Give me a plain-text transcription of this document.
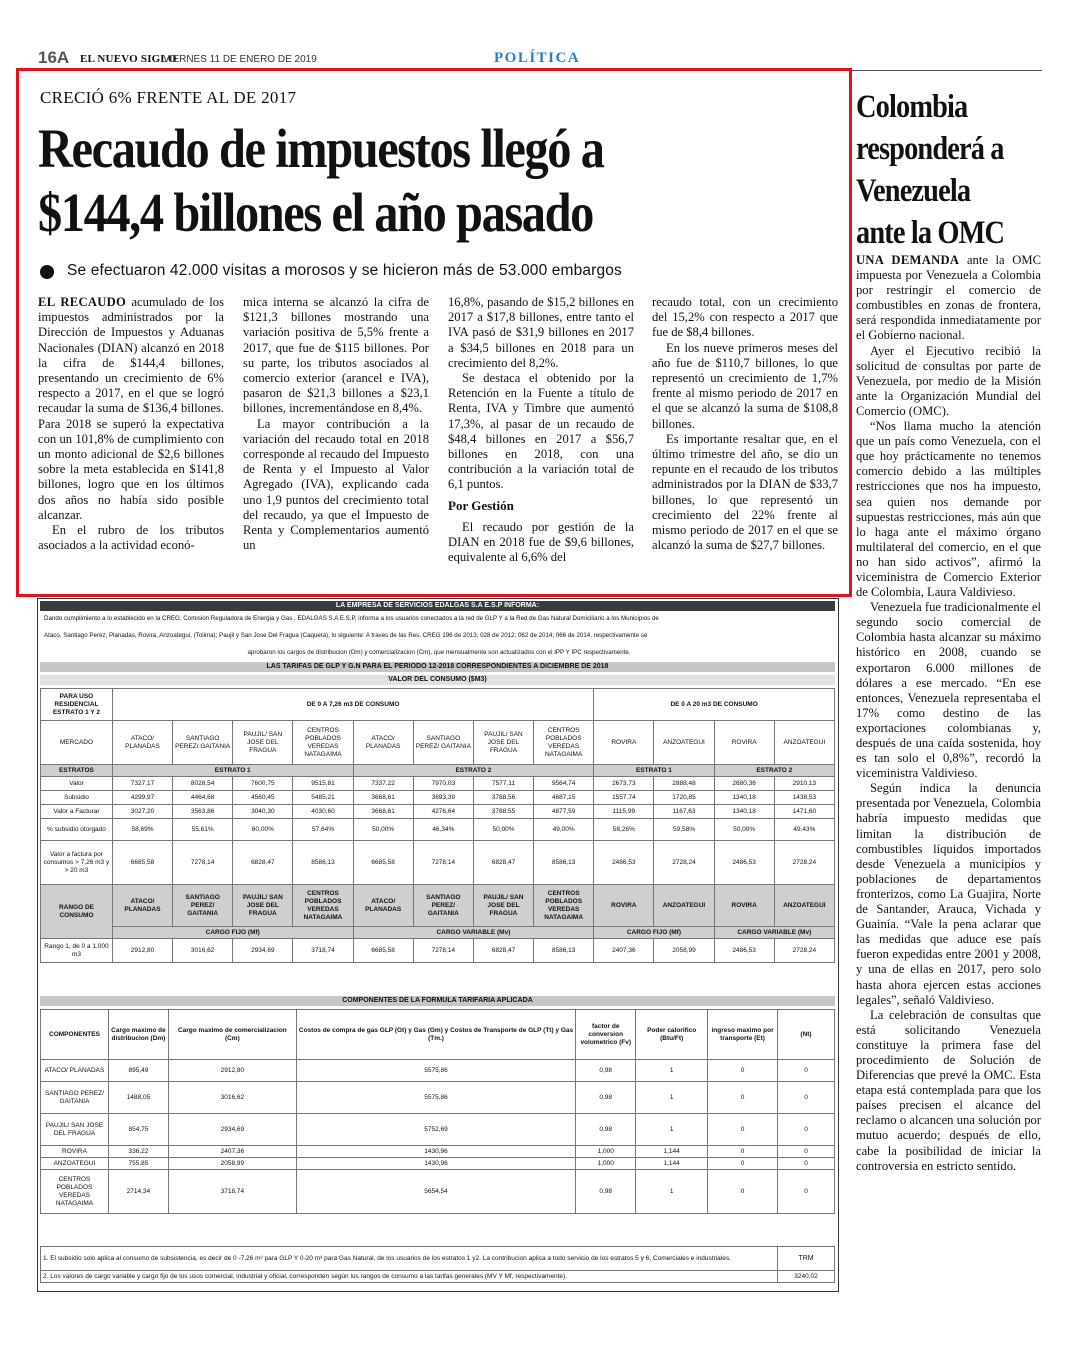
16A EL NUEVO SIGLO
VIERNES 11 DE ENERO DE 2019	POLÍTICA
CRECIÓ 6% FRENTE AL DE 2017
Recaudo de impuestos llegó a
$144,4 billones el año pasado
Se efectuaron 42.000 visitas a morosos y se hicieron más de 53.000 embargos

EL RECAUDO acumulado de los impuestos administrados por la Dirección de Impuestos y Aduanas Nacionales (DIAN) alcanzó en 2018 la cifra de $144,4 billones, presentando un crecimiento de 6% respecto a 2017, en el que se logró recaudar la suma de $136,4 billones. Para 2018 se superó la expectativa con un 101,8% de cumplimiento con un monto adicional de $2,6 billones sobre la meta establecida en $141,8 billones, logro que en los últimos dos años no había sido posible alcanzar.

En el rubro de los tributos asociados a la actividad econó-

mica interna se alcanzó la cifra de $121,3 billones mostrando una variación positiva de 5,5% frente a 2017, que fue de $115 billones. Por su parte, los tributos asociados al comercio exterior (arancel e IVA), pasaron de $21,3 billones a $23,1 billones, incrementándose en 8,4%.

La mayor contribución a la variación del recaudo total en 2018 corresponde al recaudo del Impuesto de Renta y el Impuesto al Valor Agregado (IVA), explicando cada uno 1,9 puntos del crecimiento total del recaudo, ya que el Impuesto de Renta y Complementarios aumentó un

16,8%, pasando de $15,2 billones en 2017 a $17,8 billones, entre tanto el IVA pasó de $31,9 billones en 2017 a $34,5 billones en 2018 para un crecimiento del 8,2%.

Se destaca el obtenido por la Retención en la Fuente a título de Renta, IVA y Timbre que aumentó 17,3%, al pasar de un recaudo de $48,4 billones en 2017 a $56,7 billones en 2018, con una contribución a la variación total de 6,1 puntos.

Por Gestión

El recaudo por gestión de la DIAN en 2018 fue de $9,6 billones, equivalente al 6,6% del

recaudo total, con un crecimiento del 15,2% con respecto a 2017 que fue de $8,4 billones.

En los nueve primeros meses del año fue de $110,7 billones, lo que representó un crecimiento de 1,7% frente al mismo periodo de 2017 en el que se alcanzó la suma de $108,8 billones.

Es importante resaltar que, en el último trimestre del año, se dio un repunte en el recaudo de los tributos administrados por la DIAN de $33,7 billones, lo que representó un crecimiento del 22% frente al mismo periodo de 2017 en el que se alcanzó la suma de $27,7 billones.

Colombia responderá a Venezuela ante la OMC

UNA DEMANDA ante la OMC impuesta por Venezuela a Colombia por restringir el comercio de combustibles en zonas de frontera, será respondida inmediatamente por el Gobierno nacional.

Ayer el Ejecutivo recibió la solicitud de consultas por parte de Venezuela, por medio de la Misión ante la Organización Mundial del Comercio (OMC).

“Nos llama mucho la atención que un país como Venezuela, con el que hoy prácticamente no tenemos comercio debido a las múltiples restricciones que nos ha impuesto, sea quien nos demande por supuestas restricciones, más aún que lo haga ante el máximo órgano multilateral del comercio, en el que no han sido activos”, afirmó la viceministra de Comercio Exterior de Colombia, Laura Valdivieso.

Venezuela fue tradicionalmente el segundo socio comercial de Colombia hasta alcanzar su máximo histórico en 2008, cuando se exportaron 6.000 millones de dólares a ese mercado. “En ese entonces, Venezuela representaba el 17% como destino de las exportaciones colombianas y, después de una caída sostenida, hoy es tan solo el 0,8%”, recordó la viceministra Valdivieso.

Según indica la denuncia presentada por Venezuela, Colombia habría impuesto medidas que limitan la distribución de combustibles líquidos importados desde Venezuela a municipios y poblaciones de departamentos fronterizos, como La Guajira, Norte de Santander, Arauca, Vichada y Guainía. “Vale la pena aclarar que las medidas que aduce ese país fueron expedidas entre 2001 y 2008, y una de ellas en 2017, pero solo hasta ahora ejercen estas acciones legales”, señaló Valdivieso.

La celebración de consultas que está solicitando Venezuela constituye la primera fase del procedimiento de Solución de Diferencias que prevé la OMC. Esta etapa está contemplada para que los países precisen el alcance del reclamo o alcancen una solución por mutuo acuerdo; después de ello, cabe la posibilidad de iniciar la controversia en estricto sentido.

LA EMPRESA DE SERVICIOS EDALGAS S.A E.S.P INFORMA:
Dando cumplimiento a lo establecido en la CREG, Comision Reguladora de Energia y Gas , EDALGAS S.A E.S.P, informa a los usuarios conectados a la red de GLP Y a la Red de Gas Natural Domiciliario a los Municipios de
Ataco, Santiago Perez, Planadas, Rovira, Anzoategui, (Tolima); Paujil y San Jose Del Fragua (Caqueta), lo siguiente: A traves de las Res. CREG 196 de 2013; 028 de 2012; 062 de 2014; 066 de 2014, respectivamente se
aprobaron los cargos de distribucion (Dm) y comercializacion (Cm), que mensualmente son actualizados con el IPP Y IPC respectivamente.
LAS TARIFAS DE GLP Y G.N PARA EL PERIODO 12-2018 CORRESPONDIENTES A DICIEMBRE DE 2018
VALOR DEL CONSUMO ($M3)
PARA USO RESIDENCIAL ESTRATO 1 Y 2	DE 0 A 7,26 m3 DE CONSUMO								DE 0 A 20 m3 DE CONSUMO			
MERCADO	ATACO/ PLANADAS	SANTIAGO PEREZ/ GAITANIA	PAUJIL/ SAN JOSE DEL FRAGUA	CENTROS POBLADOS VEREDAS NATAGAIMA	ATACO/ PLANADAS	SANTIAGO PEREZ/ GAITANIA	PAUJIL/ SAN JOSE DEL FRAGUA	CENTROS POBLADOS VEREDAS NATAGAIMA	ROVIRA	ANZOATEGUI	ROVIRA	ANZOATEGUI
ESTRATOS	ESTRATO 1				ESTRATO 2				ESTRATO 1		ESTRATO 2	
Valor	7327,17	8028,54	7600,75	9515,81	7337,22	7970,03	7577,11	9564,74	2673,73	2888,48	2680,36	2910,13
Subsidio	4299,97	4464,68	4560,45	5485,21	3668,61	3693,39	3788,56	4687,15	1557,74	1720,85	1340,18	1438,53
Valor a Facturar	3027,20	3563,86	3040,30	4030,60	3668,61	4276,64	3788,55	4877,59	1115,99	1167,63	1340,18	1471,60
% subsidio otorgado	58,69%	55,61%	60,00%	57,64%	50,00%	46,34%	50,00%	49,00%	58,26%	59,58%	50,00%	49,43%
Valor a factura por consumos > 7,26 m3 y > 20 m3	6685,58	7278,14	6828,47	8586,13	6685,58	7278,14	6828,47	8586,13	2486,53	2728,24	2486,53	2728,24
RANGO DE CONSUMO	ATACO/ PLANADAS	SANTIAGO PEREZ/ GAITANIA	PAUJIL/ SAN JOSE DEL FRAGUA	CENTROS POBLADOS VEREDAS NATAGAIMA	ATACO/ PLANADAS	SANTIAGO PEREZ/ GAITANIA	PAUJIL/ SAN JOSE DEL FRAGUA	CENTROS POBLADOS VEREDAS NATAGAIMA	ROVIRA	ANZOATEGUI	ROVIRA	ANZOATEGUI
	CARGO FIJO (Mf)				CARGO VARIABLE (Mv)				CARGO FIJO (Mf)		CARGO VARIABLE (Mv)	
Rango 1, de 0 a 1,000 m3	2912,80	3016,62	2934,69	3718,74	6685,58	7278,14	6828,47	8586,13	2407,36	2058,99	2486,53	2728,24
COMPONENTES DE LA FORMULA TARIFARIA APLICADA
COMPONENTES	Cargo maximo de distribucion (Dm)	Cargo maximo de comercializacion (Cm)	Costos de compra de gas GLP (Gt) y Gas (Gm) y Costos de Transporte de GLP (Tt) y Gas (Tm.)	factor de conversion volumetrico (Fv)	Poder calorifico (Btu/Ft)	ingreso maximo por transporte (Et)	(Nt)
ATACO/ PLANADAS	895,49	2912,80	5575,86	0,98	1	0	0
SANTIAGO PEREZ/ GAITANIA	1488,05	3016,62	5575,86	0,98	1	0	0
PAUJIL/ SAN JOSE DEL FRAGUA	854,75	2934,69	5752,69	0,98	1	0	0
ROVIRA	336,22	2407,36	1430,96	1,000	1,144	0	0
ANZOATEGUI	755,85	2058,99	1430,96	1,000	1,144	0	0
CENTROS POBLADOS VEREDAS NATAGAIMA	2714,34	3718,74	5654,54	0,98	1	0	0
1. El subsidio solo aplica al consumo de subsistencia, es decir de 0 -7.26 m³ para GLP Y 0-20 m³ para Gas Natural, de los usuarios de los estratos 1 y2. La contribucion aplica a todo servicio de los estratos 5 y 6, Comerciales e industriales.	TRM
2. Los valores de cargo variable y cargo fijo de los usos comercial, industrial y oficial, corresponden según los rangos de consumo a las tarifas generales (MV Y Mf, respectivamente).	3240,02
